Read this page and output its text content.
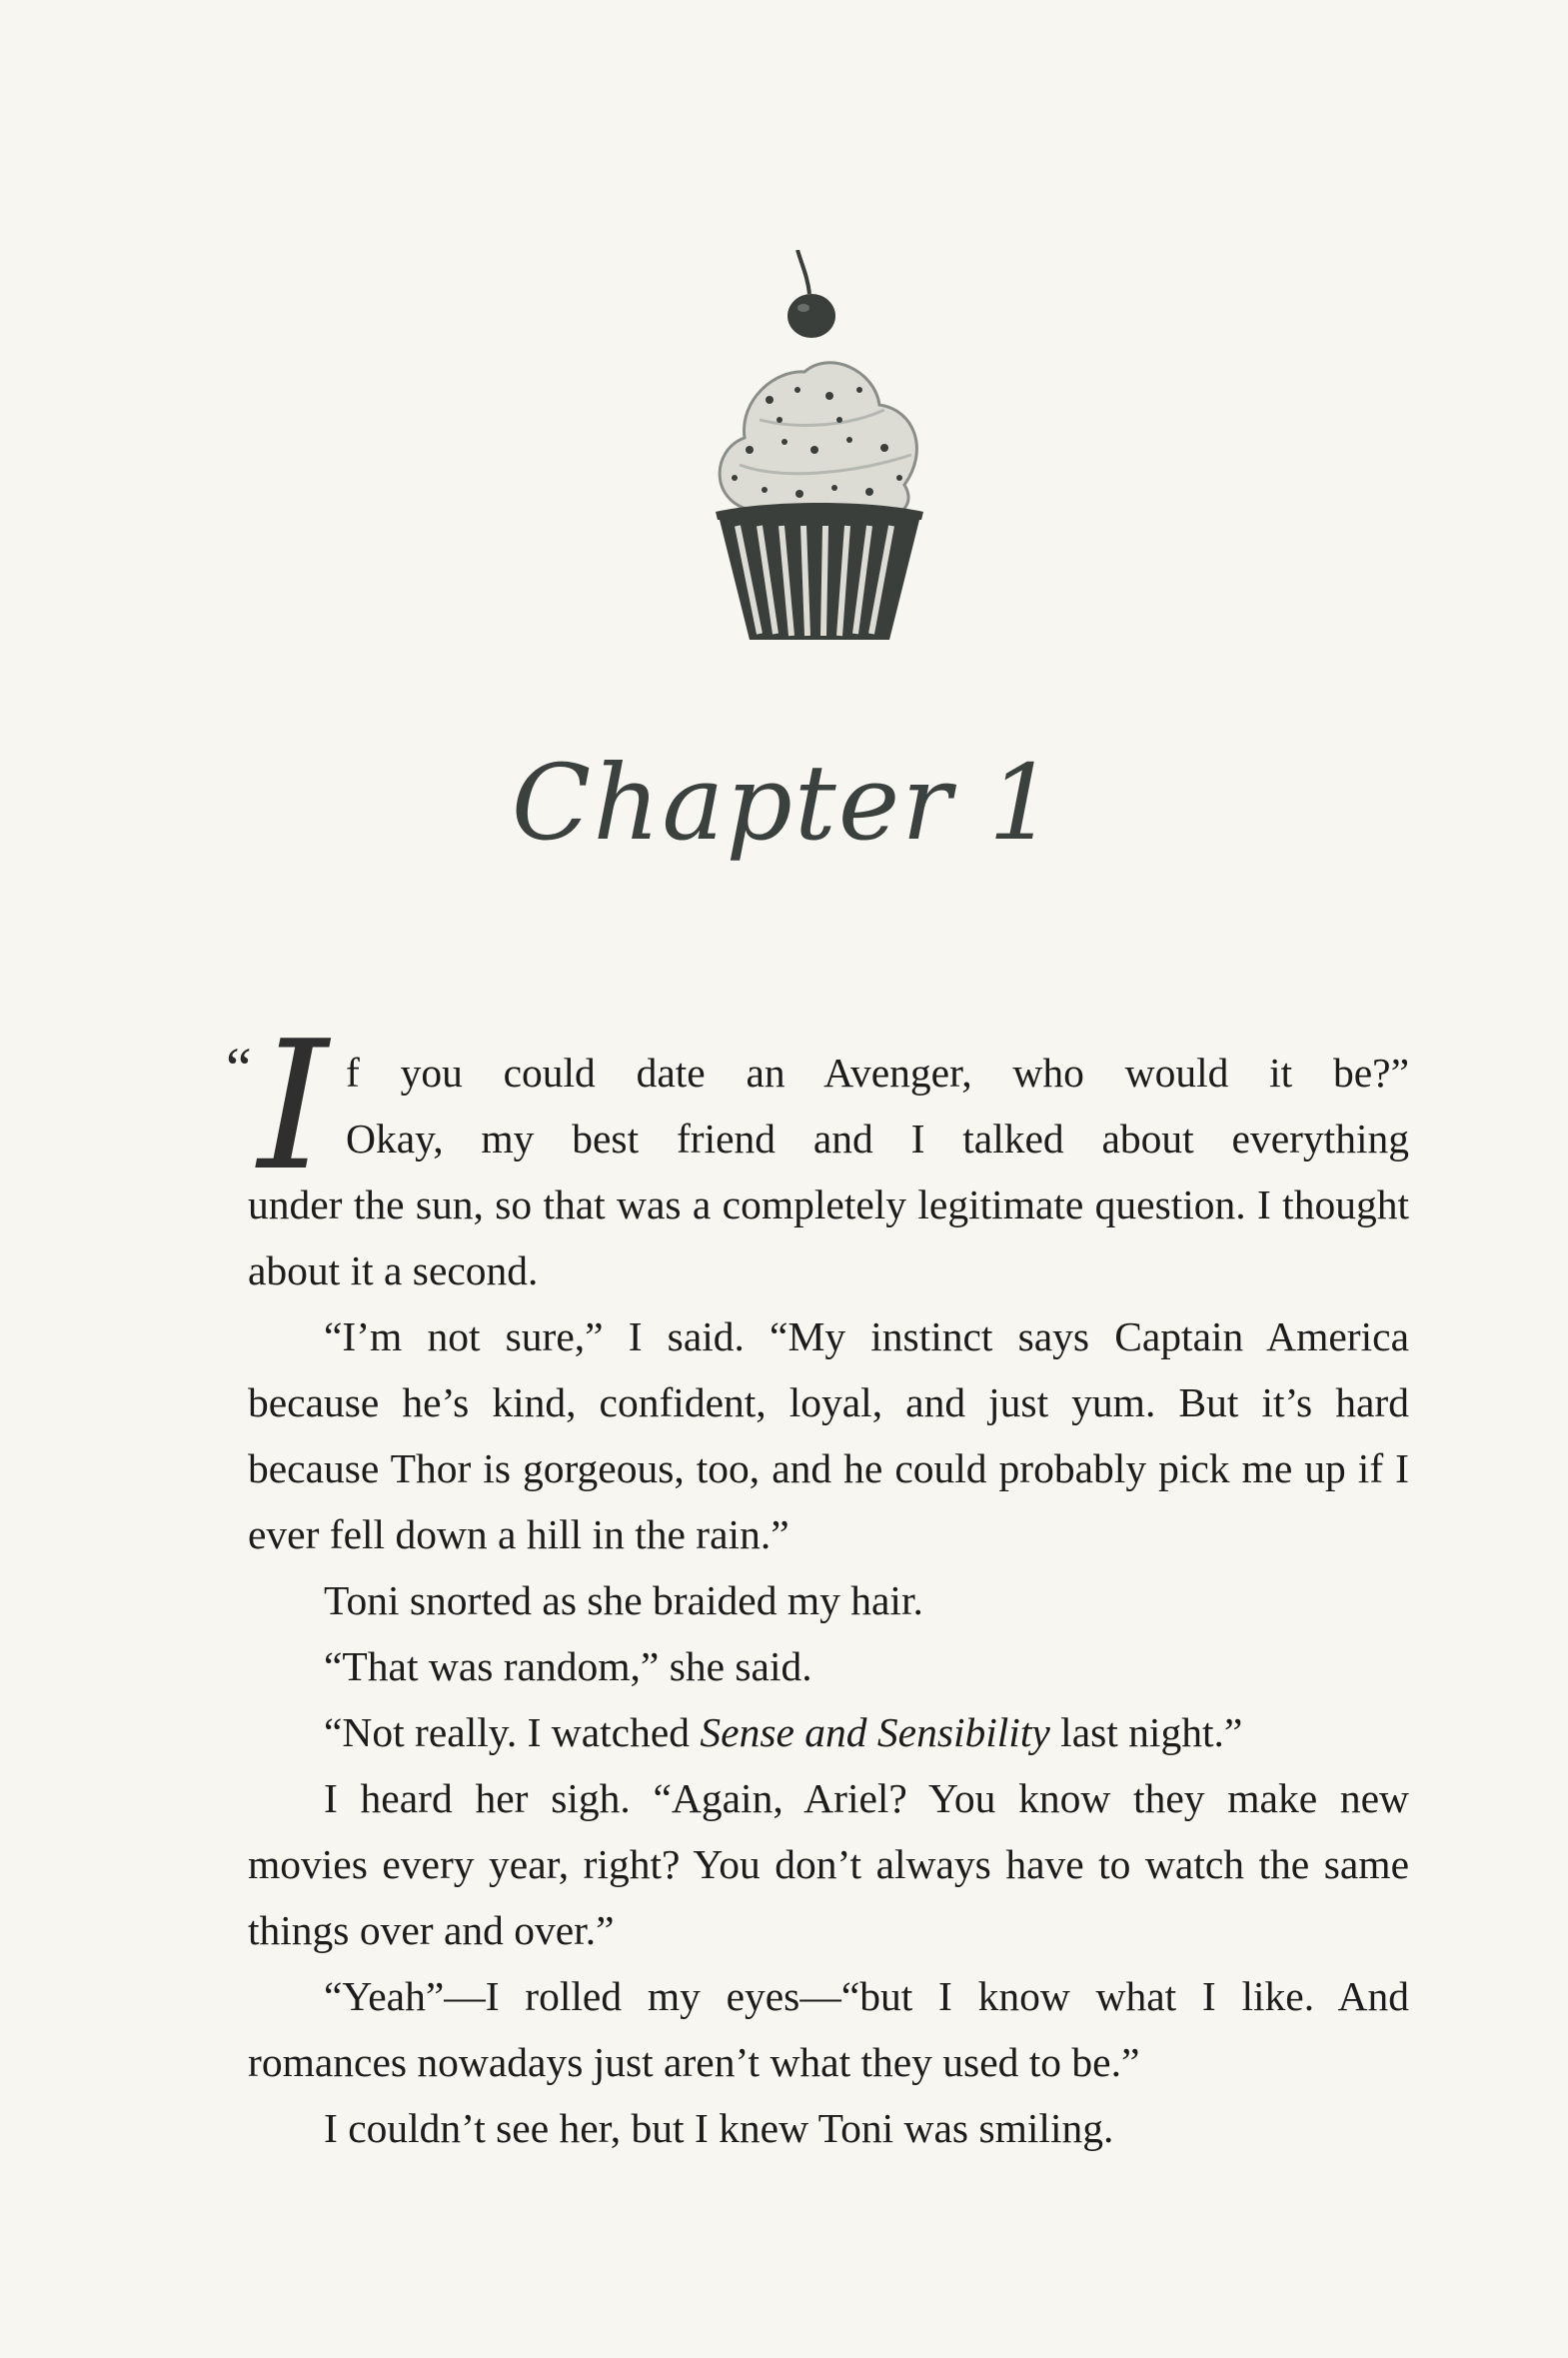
Chapter 1
“ I f you could date an Avenger, who would it be?”

Okay, my best friend and I talked about everything

under the sun, so that was a completely legitimate question. I thought about it a second.

“I’m not sure,” I said. “My instinct says Captain America because he’s kind, confident, loyal, and just yum. But it’s hard because Thor is gorgeous, too, and he could probably pick me up if I ever fell down a hill in the rain.”

Toni snorted as she braided my hair.

“That was random,” she said.

“Not really. I watched Sense and Sensibility last night.”

I heard her sigh. “Again, Ariel? You know they make new movies every year, right? You don’t always have to watch the same things over and over.”

“Yeah”—I rolled my eyes—“but I know what I like. And romances nowadays just aren’t what they used to be.”

I couldn’t see her, but I knew Toni was smiling.
